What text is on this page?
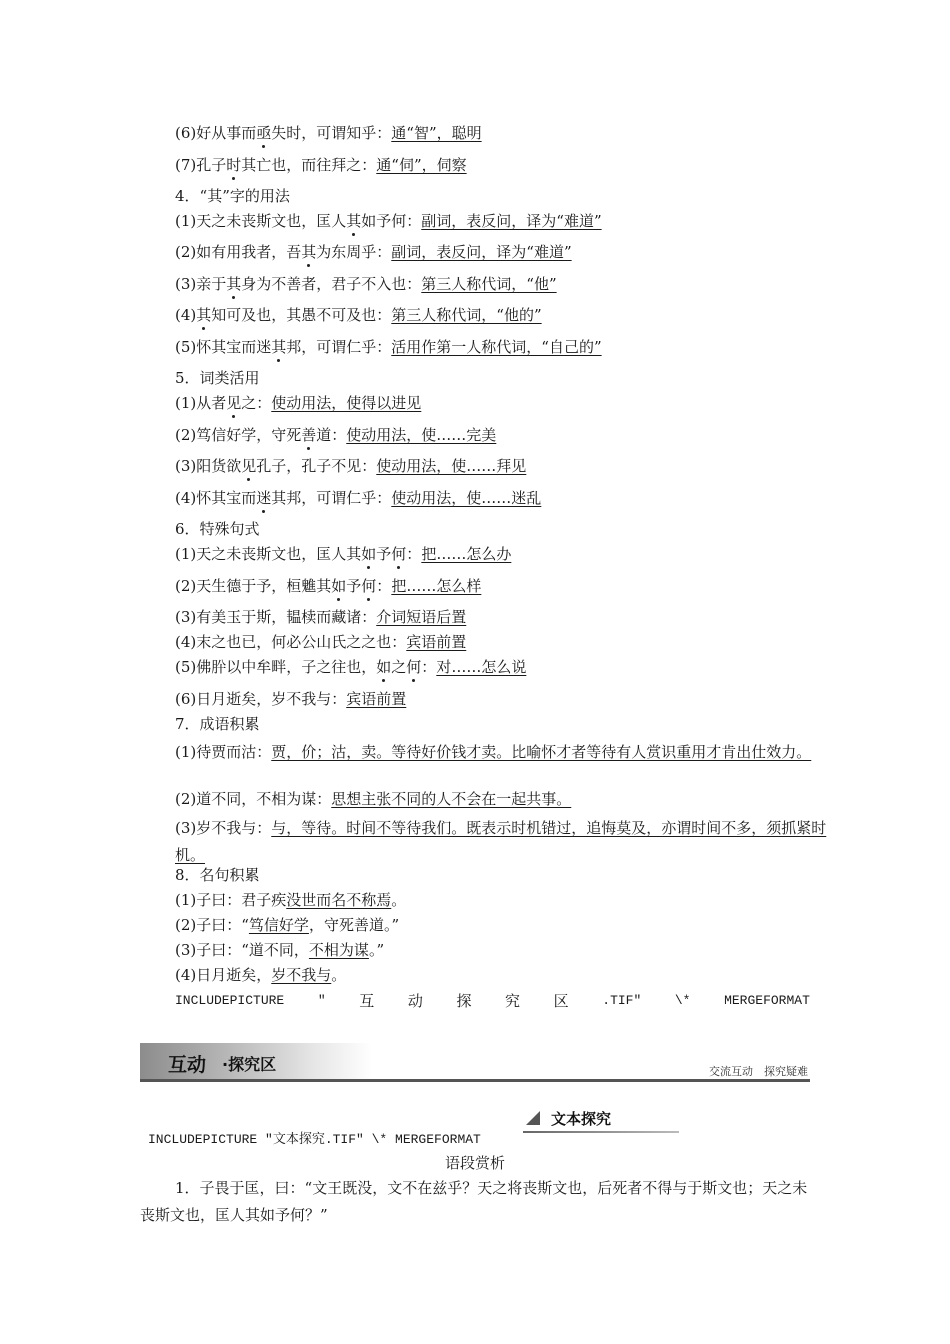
(6)好从事而亟失时，可谓知乎：通“智”，聪明
(7)孔子时其亡也，而往拜之：通“伺”，伺察
4．“其”字的用法
(1)天之未丧斯文也，匡人其如予何：副词，表反问，译为“难道”
(2)如有用我者，吾其为东周乎：副词，表反问，译为“难道”
(3)亲于其身为不善者，君子不入也：第三人称代词，“他”
(4)其知可及也，其愚不可及也：第三人称代词，“他的”
(5)怀其宝而迷其邦，可谓仁乎：活用作第一人称代词，“自己的”
5．词类活用
(1)从者见之：使动用法，使得以进见
(2)笃信好学，守死善道：使动用法，使……完美
(3)阳货欲见孔子，孔子不见：使动用法，使……拜见
(4)怀其宝而迷其邦，可谓仁乎：使动用法，使……迷乱
6．特殊句式
(1)天之未丧斯文也，匡人其如予何：把……怎么办
(2)天生德于予，桓魋其如予何：把……怎么样
(3)有美玉于斯，韫椟而藏诸：介词短语后置
(4)末之也已，何必公山氏之之也：宾语前置
(5)佛肸以中牟畔，子之往也，如之何：对……怎么说
(6)日月逝矣，岁不我与：宾语前置
7．成语积累
(1)待贾而沽：贾，价；沽，卖。等待好价钱才卖。比喻怀才者等待有人赏识重用才肯出仕效力。
(2)道不同，不相为谋：思想主张不同的人不会在一起共事。
(3)岁不我与：与，等待。时间不等待我们。既表示时机错过，追悔莫及，亦谓时间不多，须抓紧时机。
8．名句积累
(1)子曰：君子疾没世而名不称焉。
(2)子曰：“笃信好学，守死善道。”
(3)子曰：“道不同，不相为谋。”
(4)日月逝矣，岁不我与。
INCLUDEPICTURE	" 互 动 探 究 区	.TIF"	\*	MERGEFORMAT
INCLUDEPICTURE "文本探究.TIF" \* MERGEFORMAT
语段赏析
1．子畏于匡，曰：“文王既没，文不在兹乎？天之将丧斯文也，后死者不得与于斯文也；天之未丧斯文也，匡人其如予何？”
互动 ·探究区	交流互动　探究疑难
文本探究
